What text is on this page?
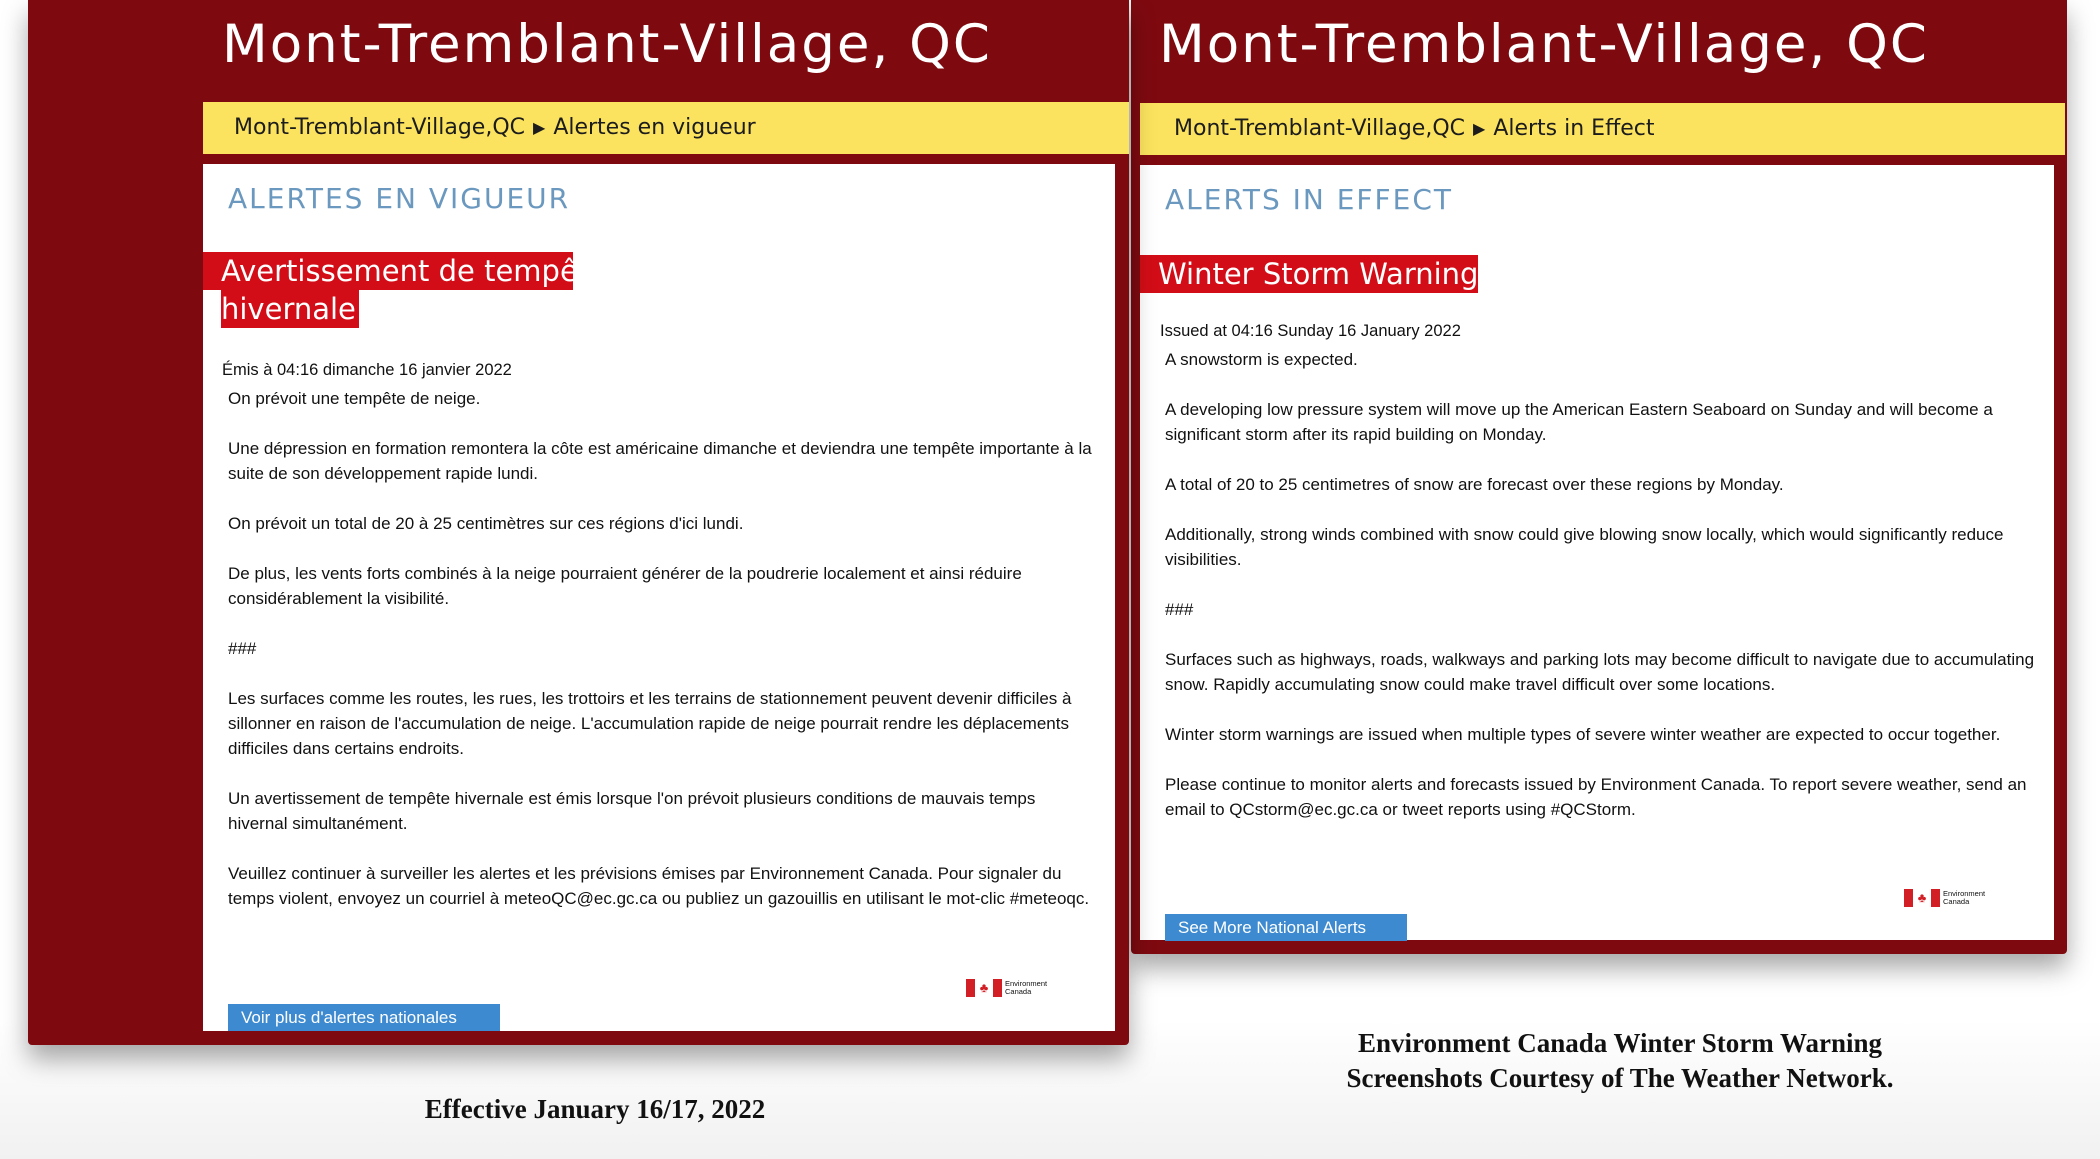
Mont-Tremblant-Village, QC
Mont-Tremblant-Village,QC ▶ Alerts in Effect
ALERTS IN EFFECT
Winter Storm Warning
Issued at 04:16 Sunday 16 January 2022

A snowstorm is expected.

A developing low pressure system will move up the American Eastern Seaboard on Sunday and will become a significant storm after its rapid building on Monday.

A total of 20 to 25 centimetres of snow are forecast over these regions by Monday.

Additionally, strong winds combined with snow could give blowing snow locally, which would significantly reduce visibilities.

###

Surfaces such as highways, roads, walkways and parking lots may become difficult to navigate due to accumulating snow. Rapidly accumulating snow could make travel difficult over some locations.

Winter storm warnings are issued when multiple types of severe winter weather are expected to occur together.

Please continue to monitor alerts and forecasts issued by Environment Canada. To report severe weather, send an email to QCstorm@ec.gc.ca or tweet reports using #QCStorm.

♣	Environment
Canada
See More National Alerts
Mont-Tremblant-Village, QC
Mont-Tremblant-Village,QC ▶ Alertes en vigueur
ALERTES EN VIGUEUR
Avertissement de tempête
hivernale
Émis à 04:16 dimanche 16 janvier 2022

On prévoit une tempête de neige.

Une dépression en formation remontera la côte est américaine dimanche et deviendra une tempête importante à la suite de son développement rapide lundi.

On prévoit un total de 20 à 25 centimètres sur ces régions d'ici lundi.

De plus, les vents forts combinés à la neige pourraient générer de la poudrerie localement et ainsi réduire considérablement la visibilité.

###

Les surfaces comme les routes, les rues, les trottoirs et les terrains de stationnement peuvent devenir difficiles à sillonner en raison de l'accumulation de neige. L'accumulation rapide de neige pourrait rendre les déplacements difficiles dans certains endroits.

Un avertissement de tempête hivernale est émis lorsque l'on prévoit plusieurs conditions de mauvais temps hivernal simultanément.

Veuillez continuer à surveiller les alertes et les prévisions émises par Environnement Canada. Pour signaler du temps violent, envoyez un courriel à meteoQC@ec.gc.ca ou publiez un gazouillis en utilisant le mot-clic #meteoqc.

♣	Environment
Canada
Voir plus d'alertes nationales
Effective January 16/17, 2022
Environment Canada Winter Storm Warning
Screenshots Courtesy of The Weather Network.
